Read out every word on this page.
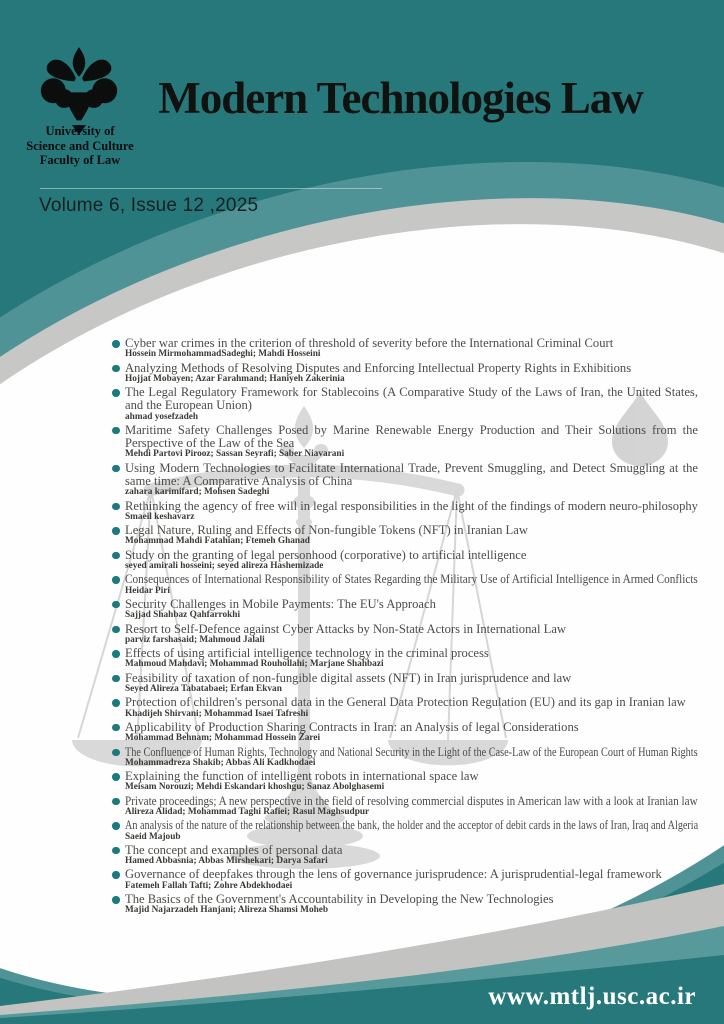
University of
Science and Culture
Faculty of Law
Modern Technologies Law
Volume 6, Issue 12 ,2025
Cyber war crimes in the criterion of threshold of severity before the International Criminal Court
Hossein MirmohammadSadeghi; Mahdi Hosseini
Analyzing Methods of Resolving Disputes and Enforcing Intellectual Property Rights in Exhibitions
Hojjat Mobayen; Azar Farahmand; Haniyeh Zakerinia
The Legal Regulatory Framework for Stablecoins (A Comparative Study of the Laws of Iran, the United States, and the European Union)
ahmad yosefzadeh
Maritime Safety Challenges Posed by Marine Renewable Energy Production and Their Solutions from the Perspective of the Law of the Sea
Mehdi Partovi Pirooz; Sassan Seyrafi; Saber Niavarani
Using Modern Technologies to Facilitate International Trade, Prevent Smuggling, and Detect Smuggling at the same time: A Comparative Analysis of China
zahara karimifard; Mohsen Sadeghi
Rethinking the agency of free will in legal responsibilities in the light of the findings of modern neuro-philosophy
Smaeil keshavarz
Legal Nature, Ruling and Effects of Non-fungible Tokens (NFT) in Iranian Law
Mohammad Mahdi Fatahian; Ftemeh Ghanad
Study on the granting of legal personhood (corporative) to artificial intelligence
seyed amirali hosseini; seyed alireza Hashemizade
Consequences of International Responsibility of States Regarding the Military Use of Artificial Intelligence in Armed Conflicts
Heidar Piri
Security Challenges in Mobile Payments: The EU's Approach
Sajjad Shahbaz Qahfarrokhi
Resort to Self-Defence against Cyber Attacks by Non-State Actors in International Law
parviz farshasaid; Mahmoud Jalali
Effects of using artificial intelligence technology in the criminal process
Mahmoud Mahdavi; Mohammad Rouhollahi; Marjane Shahbazi
Feasibility of taxation of non-fungible digital assets (NFT) in Iran jurisprudence and law
Seyed Alireza Tabatabaei; Erfan Ekvan
Protection of children's personal data in the General Data Protection Regulation (EU) and its gap in Iranian law
Khadijeh Shirvani; Mohammad Isaei Tafreshi
Applicability of Production Sharing Contracts in Iran: an Analysis of legal Considerations
Mohammad Behnam; Mohammad Hossein Zarei
The Confluence of Human Rights, Technology and National Security in the Light of the Case-Law of the European Court of Human Rights
Mohammadreza Shakib; Abbas Ali Kadkhodaei
Explaining the function of intelligent robots in international space law
Meisam Norouzi; Mehdi Eskandari khoshgu; Sanaz Abolghasemi
Private proceedings; A new perspective in the field of resolving commercial disputes in American law with a look at Iranian law
Alireza Alidad; Mohammad Taghi Rafiei; Rasul Maghsudpur
An analysis of the nature of the relationship between the bank, the holder and the acceptor of debit cards in the laws of Iran, Iraq and Algeria
Saeid Majoub
The concept and examples of personal data
Hamed Abbasnia; Abbas Mirshekari; Darya Safari
Governance of deepfakes through the lens of governance jurisprudence: A jurisprudential-legal framework
Fatemeh Fallah Tafti; Zohre Abdekhodaei
The Basics of the Government's Accountability in Developing the New Technologies
Majid Najarzadeh Hanjani; Alireza Shamsi Moheb
www.mtlj.usc.ac.ir
